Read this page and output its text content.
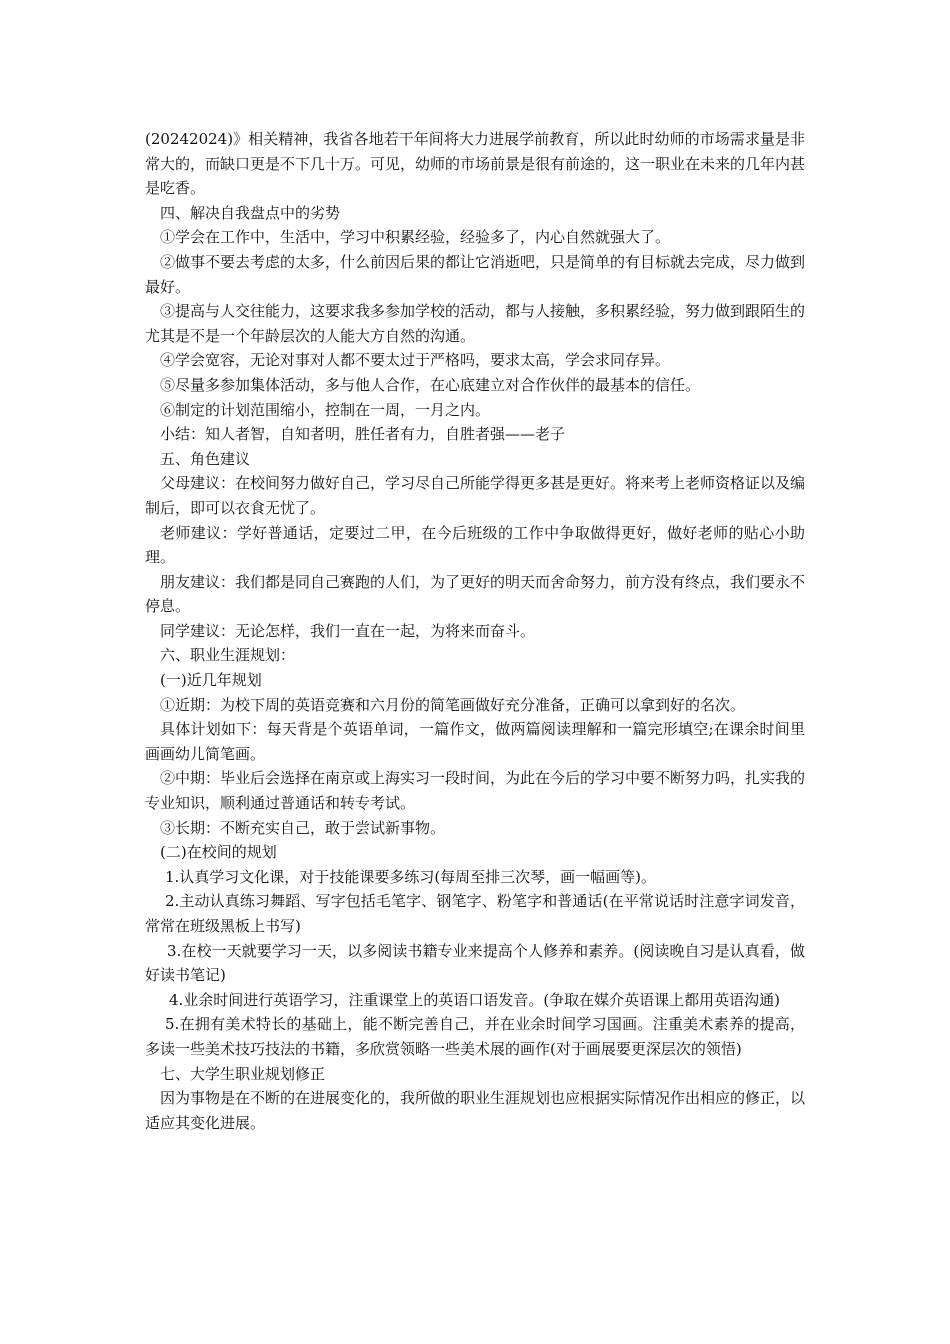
(20242024)》相关精神，我省各地若干年间将大力进展学前教育，所以此时幼师的市场需求量是非常大的，而缺口更是不下几十万。可见，幼师的市场前景是很有前途的，这一职业在未来的几年内甚是吃香。

四、解决自我盘点中的劣势

①学会在工作中，生活中，学习中积累经验，经验多了，内心自然就强大了。

②做事不要去考虑的太多，什么前因后果的都让它消逝吧，只是简单的有目标就去完成，尽力做到最好。

③提高与人交往能力，这要求我多参加学校的活动，都与人接触，多积累经验，努力做到跟陌生的尤其是不是一个年龄层次的人能大方自然的沟通。

④学会宽容，无论对事对人都不要太过于严格吗，要求太高，学会求同存异。

⑤尽量多参加集体活动，多与他人合作，在心底建立对合作伙伴的最基本的信任。

⑥制定的计划范围缩小，控制在一周，一月之内。

小结：知人者智，自知者明，胜任者有力，自胜者强——老子

五、角色建议

父母建议：在校间努力做好自己，学习尽自己所能学得更多甚是更好。将来考上老师资格证以及编制后，即可以衣食无忧了。

老师建议：学好普通话，定要过二甲，在今后班级的工作中争取做得更好，做好老师的贴心小助理。

朋友建议：我们都是同自己赛跑的人们，为了更好的明天而舍命努力，前方没有终点，我们要永不停息。

同学建议：无论怎样，我们一直在一起，为将来而奋斗。

六、职业生涯规划：

(一)近几年规划

①近期：为校下周的英语竞赛和六月份的简笔画做好充分准备，正确可以拿到好的名次。

具体计划如下：每天背是个英语单词，一篇作文，做两篇阅读理解和一篇完形填空;在课余时间里画画幼儿简笔画。

②中期：毕业后会选择在南京或上海实习一段时间，为此在今后的学习中要不断努力吗，扎实我的专业知识，顺利通过普通话和转专考试。

③长期：不断充实自己，敢于尝试新事物。

(二)在校间的规划

1.认真学习文化课，对于技能课要多练习(每周至排三次琴，画一幅画等)。

2.主动认真练习舞蹈、写字包括毛笔字、钢笔字、粉笔字和普通话(在平常说话时注意字词发音，常常在班级黑板上书写)

3.在校一天就要学习一天，以多阅读书籍专业来提高个人修养和素养。(阅读晚自习是认真看，做好读书笔记)

4.业余时间进行英语学习，注重课堂上的英语口语发音。(争取在媒介英语课上都用英语沟通)

5.在拥有美术特长的基础上，能不断完善自己，并在业余时间学习国画。注重美术素养的提高，多读一些美术技巧技法的书籍，多欣赏领略一些美术展的画作(对于画展要更深层次的领悟)

七、大学生职业规划修正

因为事物是在不断的在进展变化的，我所做的职业生涯规划也应根据实际情况作出相应的修正，以适应其变化进展。
